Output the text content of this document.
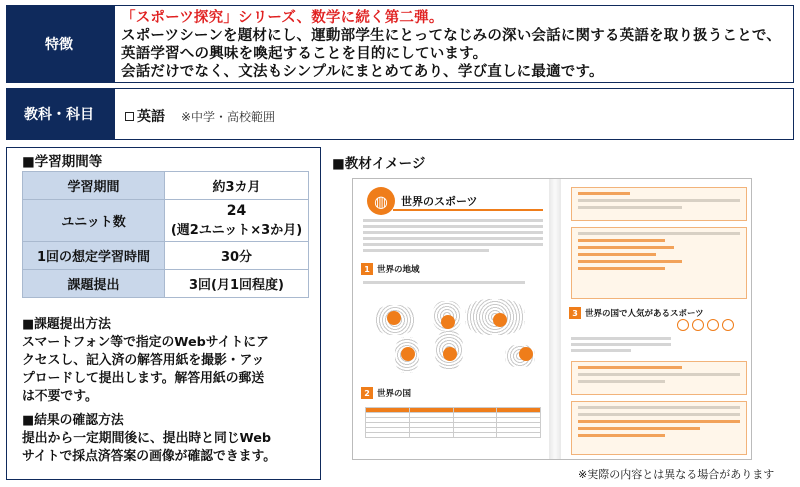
特徴
「スポーツ探究」シリーズ、数学に続く第二弾。
スポーツシーンを題材にし、運動部学生にとってなじみの深い会話に関する英語を取り扱うことで、
英語学習への興味を喚起することを目的にしています。
会話だけでなく、文法もシンプルにまとめてあり、学び直しに最適です。
教科・科目	英語 ※中学・高校範囲
■学習期間等
学習期間	約3カ月
ユニット数	24
(週2ユニット×3か月)

1回の想定学習時間	30分
課題提出	3回(月1回程度)
■課題提出方法
スマートフォン等で指定のWebサイトにア
クセスし、記入済の解答用紙を撮影・アッ
プロードして提出します。解答用紙の郵送
は不要です。
■結果の確認方法
提出から一定期間後に、提出時と同じWeb
サイトで採点済答案の画像が確認できます。
■教材イメージ
◍	世界のスポーツ
1 世界の地域
2 世界の国

3 世界の国で人気があるスポーツ
※実際の内容とは異なる場合があります
